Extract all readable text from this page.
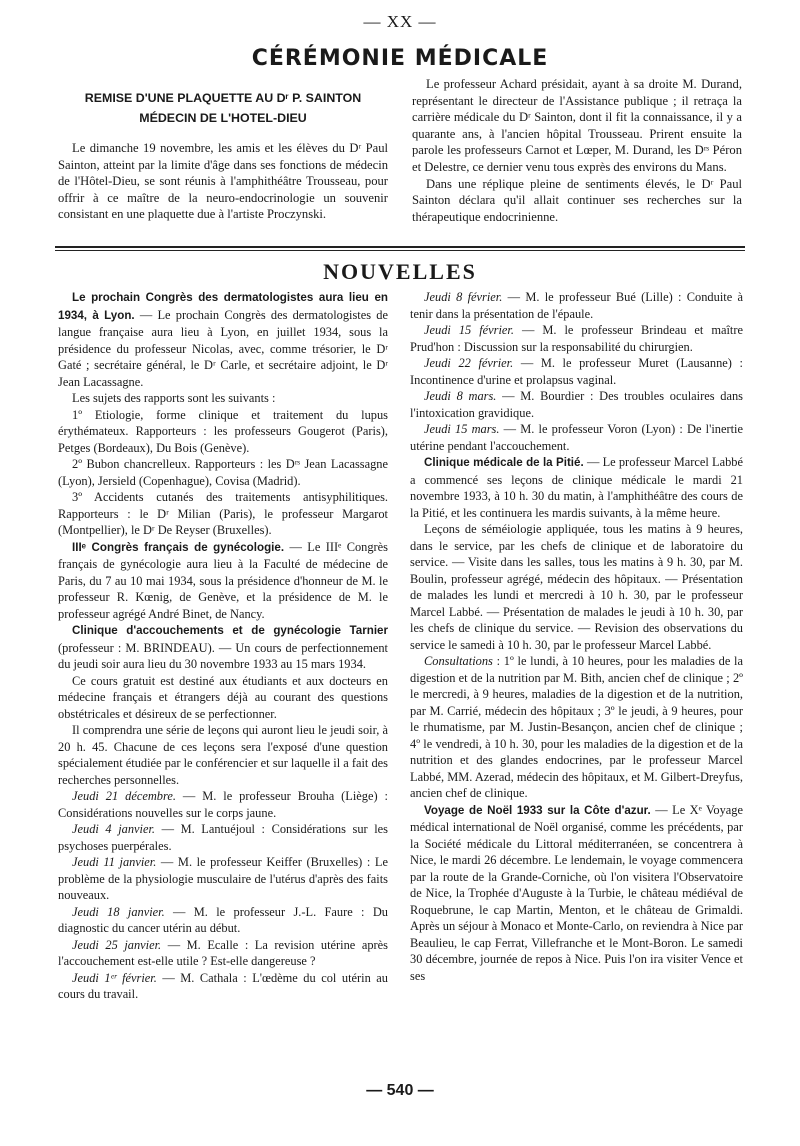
— XX —
CÉRÉMONIE MÉDICALE
REMISE D'UNE PLAQUETTE AU Dʳ P. SAINTON
MÉDECIN DE L'HOTEL-DIEU

Le dimanche 19 novembre, les amis et les élèves du Dʳ Paul Sainton, atteint par la limite d'âge dans ses fonctions de médecin de l'Hôtel-Dieu, se sont réunis à l'amphithéâtre Trousseau, pour offrir à ce maître de la neuro-endocrinologie un souvenir consistant en une plaquette due à l'artiste Proczynski.

Le professeur Achard présidait, ayant à sa droite M. Durand, représentant le directeur de l'Assistance publique ; il retraça la carrière médicale du Dʳ Sainton, dont il fit la connaissance, il y a quarante ans, à l'ancien hôpital Trousseau. Prirent ensuite la parole les professeurs Carnot et Lœper, M. Durand, les Dʳˢ Péron et Delestre, ce dernier venu tous exprès des environs du Mans.

Dans une réplique pleine de sentiments élevés, le Dʳ Paul Sainton déclara qu'il allait continuer ses recherches sur la thérapeutique endocrinienne.

NOUVELLES

Le prochain Congrès des dermatologistes aura lieu en 1934, à Lyon. — Le prochain Congrès des dermatologistes de langue française aura lieu à Lyon, en juillet 1934, sous la présidence du professeur Nicolas, avec, comme trésorier, le Dʳ Gaté ; secrétaire général, le Dʳ Carle, et secrétaire adjoint, le Dʳ Jean Lacassagne.

Les sujets des rapports sont les suivants :

1º Etiologie, forme clinique et traitement du lupus érythémateux. Rapporteurs : les professeurs Gougerot (Paris), Petges (Bordeaux), Du Bois (Genève).

2º Bubon chancrelleux. Rapporteurs : les Dʳˢ Jean Lacassagne (Lyon), Jersield (Copenhague), Covisa (Madrid).

3º Accidents cutanés des traitements antisyphilitiques. Rapporteurs : le Dʳ Milian (Paris), le professeur Margarot (Montpellier), le Dʳ De Reyser (Bruxelles).

IIIᵉ Congrès français de gynécologie. — Le IIIᵉ Congrès français de gynécologie aura lieu à la Faculté de médecine de Paris, du 7 au 10 mai 1934, sous la présidence d'honneur de M. le professeur R. Kœnig, de Genève, et la présidence de M. le professeur agrégé André Binet, de Nancy.

Clinique d'accouchements et de gynécologie Tarnier (professeur : M. BRINDEAU). — Un cours de perfectionnement du jeudi soir aura lieu du 30 novembre 1933 au 15 mars 1934.

Ce cours gratuit est destiné aux étudiants et aux docteurs en médecine français et étrangers déjà au courant des questions obstétricales et désireux de se perfectionner.

Il comprendra une série de leçons qui auront lieu le jeudi soir, à 20 h. 45. Chacune de ces leçons sera l'exposé d'une question spécialement étudiée par le conférencier et sur laquelle il a fait des recherches personnelles.

Jeudi 21 décembre. — M. le professeur Brouha (Liège) : Considérations nouvelles sur le corps jaune.

Jeudi 4 janvier. — M. Lantuéjoul : Considérations sur les psychoses puerpérales.

Jeudi 11 janvier. — M. le professeur Keiffer (Bruxelles) : Le problème de la physiologie musculaire de l'utérus d'après des faits nouveaux.

Jeudi 18 janvier. — M. le professeur J.-L. Faure : Du diagnostic du cancer utérin au début.

Jeudi 25 janvier. — M. Ecalle : La revision utérine après l'accouchement est-elle utile ? Est-elle dangereuse ?

Jeudi 1ᵉʳ février. — M. Cathala : L'œdème du col utérin au cours du travail.

Jeudi 8 février. — M. le professeur Bué (Lille) : Conduite à tenir dans la présentation de l'épaule.

Jeudi 15 février. — M. le professeur Brindeau et maître Prud'hon : Discussion sur la responsabilité du chirurgien.

Jeudi 22 février. — M. le professeur Muret (Lausanne) : Incontinence d'urine et prolapsus vaginal.

Jeudi 8 mars. — M. Bourdier : Des troubles oculaires dans l'intoxication gravidique.

Jeudi 15 mars. — M. le professeur Voron (Lyon) : De l'inertie utérine pendant l'accouchement.

Clinique médicale de la Pitié. — Le professeur Marcel Labbé a commencé ses leçons de clinique médicale le mardi 21 novembre 1933, à 10 h. 30 du matin, à l'amphithéâtre des cours de la Pitié, et les continuera les mardis suivants, à la même heure.

Leçons de séméiologie appliquée, tous les matins à 9 heures, dans le service, par les chefs de clinique et de laboratoire du service. — Visite dans les salles, tous les matins à 9 h. 30, par M. Boulin, professeur agrégé, médecin des hôpitaux. — Présentation de malades les lundi et mercredi à 10 h. 30, par le professeur Marcel Labbé. — Présentation de malades le jeudi à 10 h. 30, par les chefs de clinique du service. — Revision des observations du service le samedi à 10 h. 30, par le professeur Marcel Labbé.

Consultations : 1º le lundi, à 10 heures, pour les maladies de la digestion et de la nutrition par M. Bith, ancien chef de clinique ; 2º le mercredi, à 9 heures, maladies de la digestion et de la nutrition, par M. Carrié, médecin des hôpitaux ; 3º le jeudi, à 9 heures, pour le rhumatisme, par M. Justin-Besançon, ancien chef de clinique ; 4º le vendredi, à 10 h. 30, pour les maladies de la digestion et de la nutrition et des glandes endocrines, par le professeur Marcel Labbé, MM. Azerad, médecin des hôpitaux, et M. Gilbert-Dreyfus, ancien chef de clinique.

Voyage de Noël 1933 sur la Côte d'azur. — Le Xᵉ Voyage médical international de Noël organisé, comme les précédents, par la Société médicale du Littoral méditerranéen, se concentrera à Nice, le mardi 26 décembre. Le lendemain, le voyage commencera par la route de la Grande-Corniche, où l'on visitera l'Observatoire de Nice, la Trophée d'Auguste à la Turbie, le château médiéval de Roquebrune, le cap Martin, Menton, et le château de Grimaldi. Après un séjour à Monaco et Monte-Carlo, on reviendra à Nice par Beaulieu, le cap Ferrat, Villefranche et le Mont-Boron. Le samedi 30 décembre, journée de repos à Nice. Puis l'on ira visiter Vence et ses

— 540 —
